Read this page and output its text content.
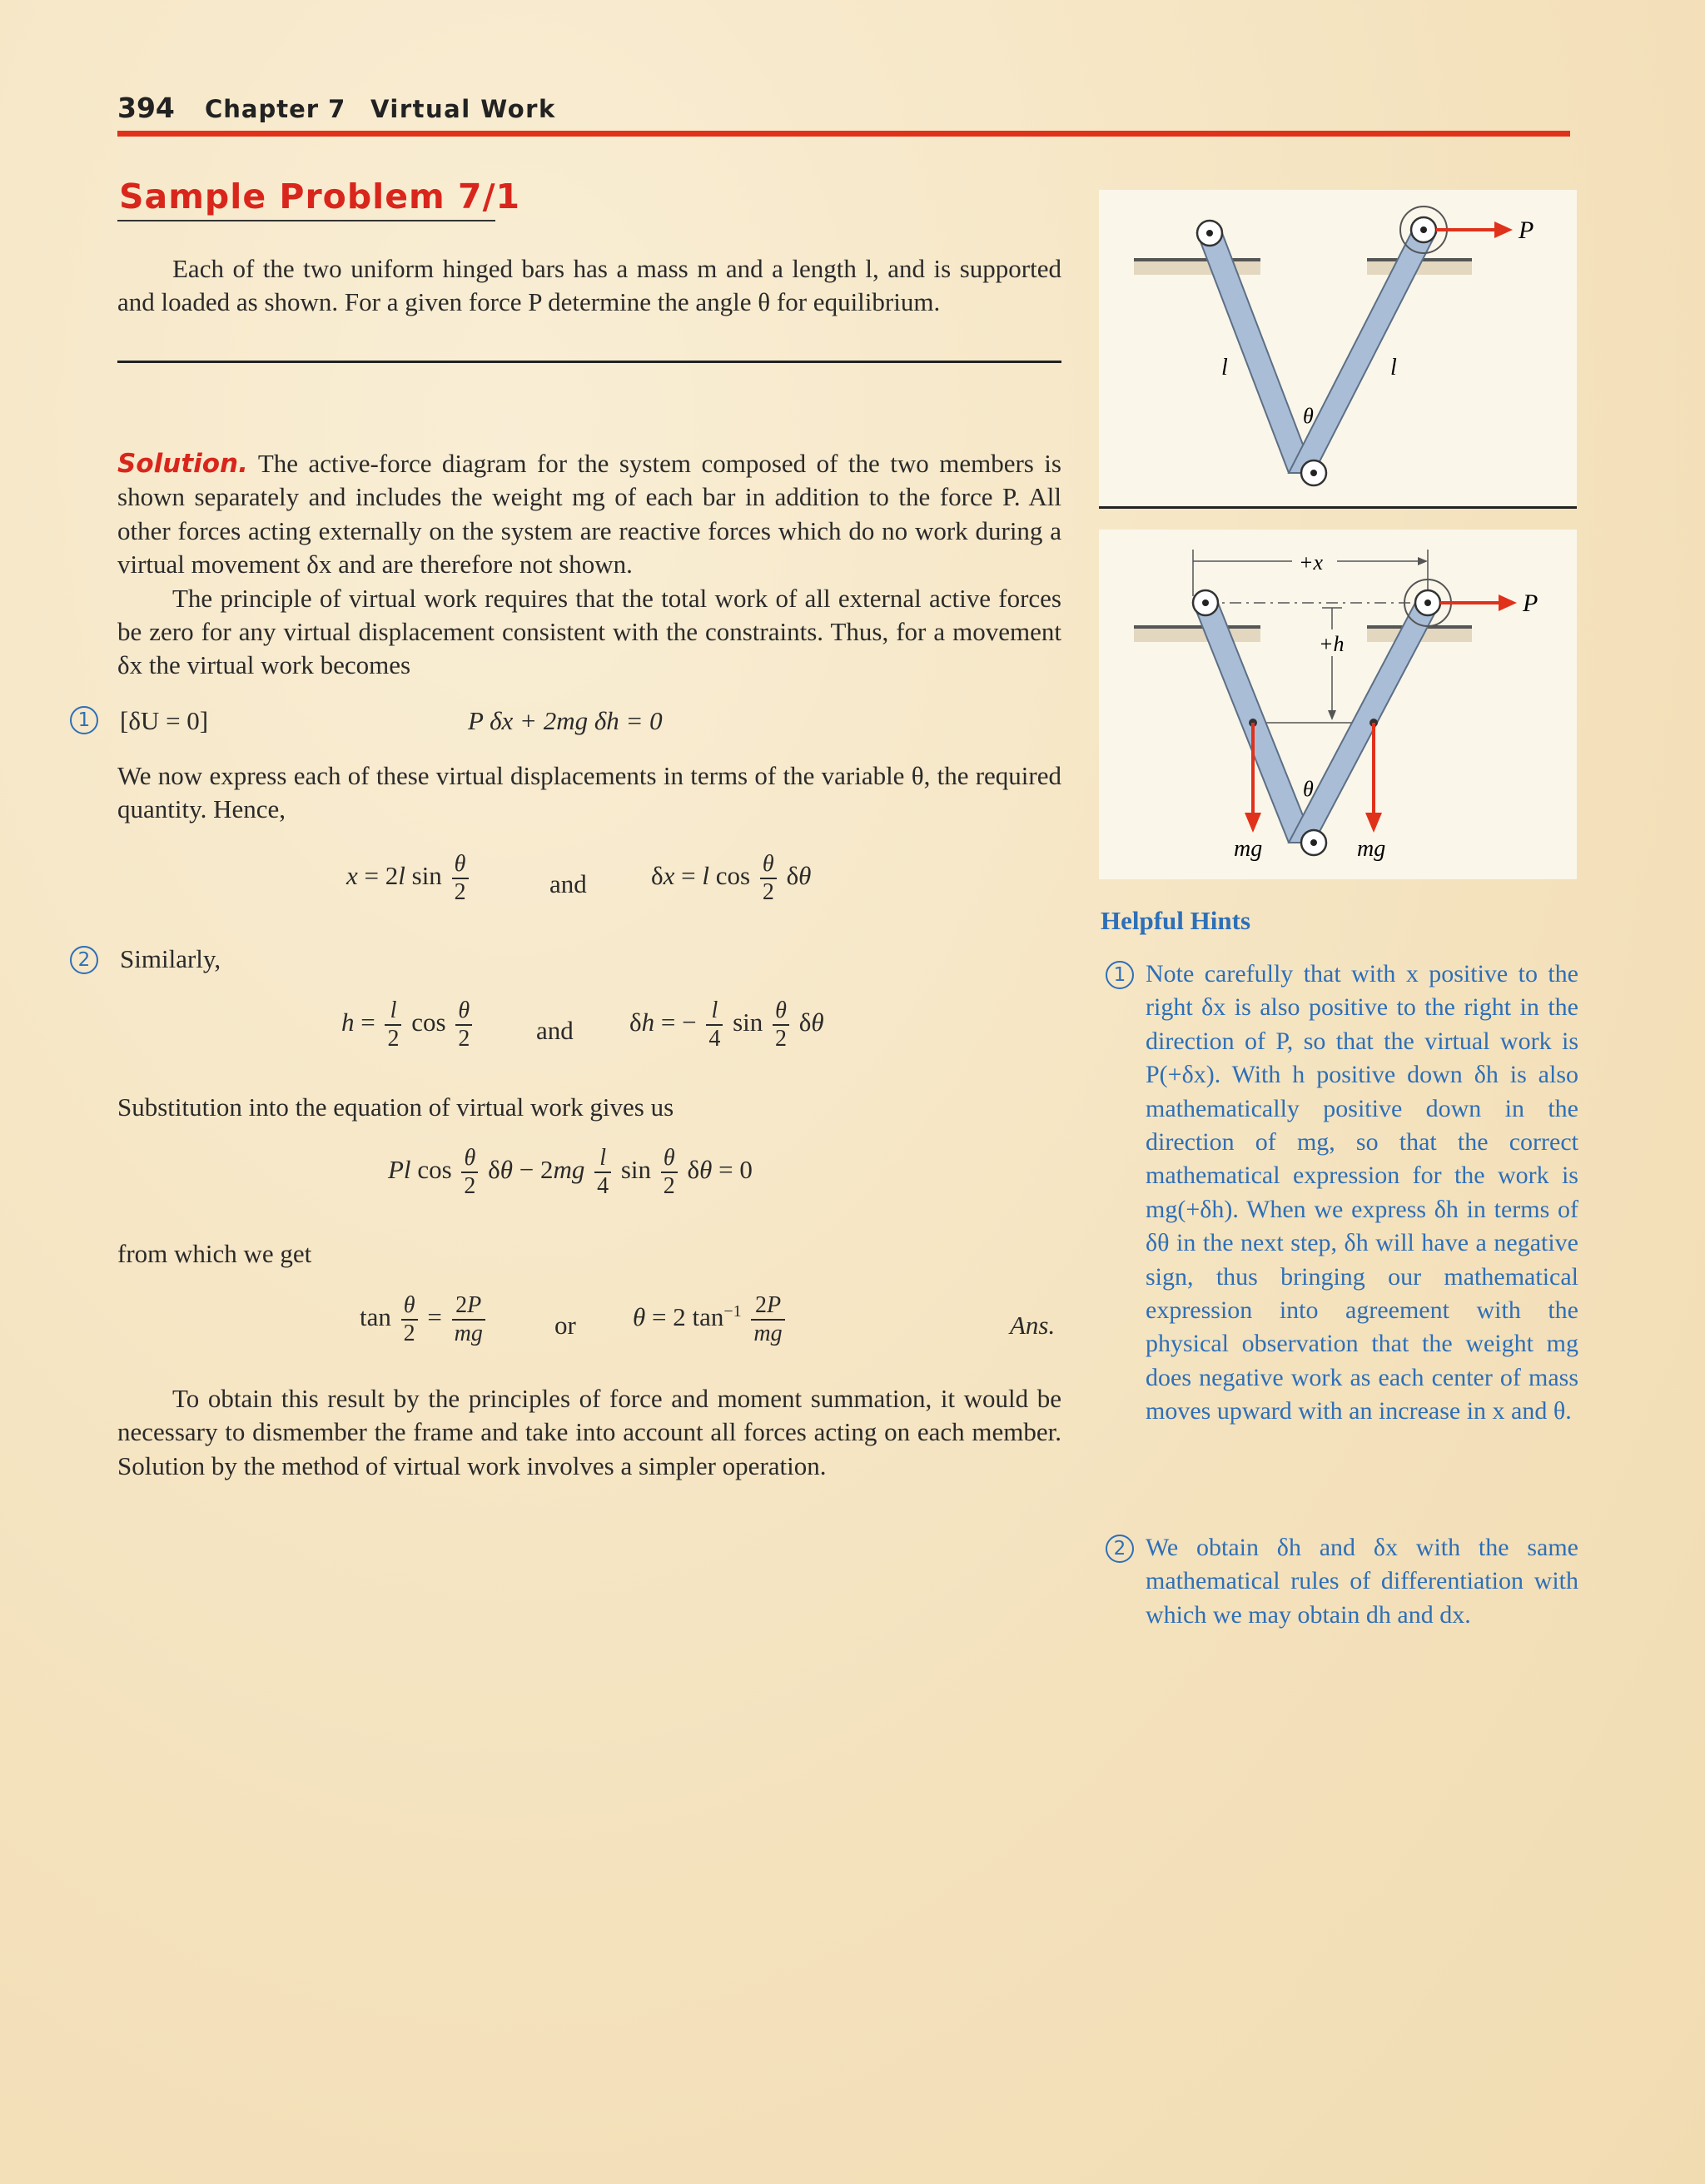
394 Chapter 7 Virtual Work
Sample Problem 7/1

Each of the two uniform hinged bars has a mass m and a length l, and is supported and loaded as shown. For a given force P determine the angle θ for equilibrium.

Solution. The active-force diagram for the system composed of the two members is shown separately and includes the weight mg of each bar in addition to the force P. All other forces acting externally on the system are reactive forces which do no work during a virtual movement δx and are therefore not shown.

The principle of virtual work requires that the total work of all external active forces be zero for any virtual displacement consistent with the constraints. Thus, for a movement δx the virtual work becomes

1	[δU = 0]	P δx + 2mg δh = 0

We now express each of these virtual displacements in terms of the variable θ, the required quantity. Hence,

x = 2l $\sin \frac{\theta}{2}$	and δx = l $\cos \frac{\theta}{2}$ δθ
2	Similarly,
$h = \frac{l}{2}$ $\cos \frac{\theta}{2}$ and δh = − $\frac{l}{4}$ $\sin \frac{\theta}{2}$ δθ

Substitution into the equation of virtual work gives us

Pl $\cos \frac{\theta}{2}$ $\delta\theta - 2mg \frac{l}{4}$ $\sin \frac{\theta}{2}$ δθ = 0

from which we get

$\tan \frac{\theta}{2} = \frac{2P}{mg}$	or θ = 2 $\tan^{-1} \frac{2P}{mg}$	Ans.

To obtain this result by the principles of force and moment summation, it would be necessary to dismember the frame and take into account all forces acting on each member. Solution by the method of virtual work involves a simpler operation.

P
l	l
θ
+x
+h
P
mg	mg
θ
Helpful Hints
1 Note carefully that with x positive to the right δx is also positive to the right in the direction of P, so that the virtual work is P(+δx). With h positive down δh is also mathematically positive down in the direction of mg, so that the correct mathematical expression for the work is mg(+δh). When we express δh in terms of δθ in the next step, δh will have a negative sign, thus bringing our mathematical expression into agreement with the physical observation that the weight mg does negative work as each center of mass moves upward with an increase in x and θ.

2 We obtain δh and δx with the same mathematical rules of differentiation with which we may obtain dh and dx.
